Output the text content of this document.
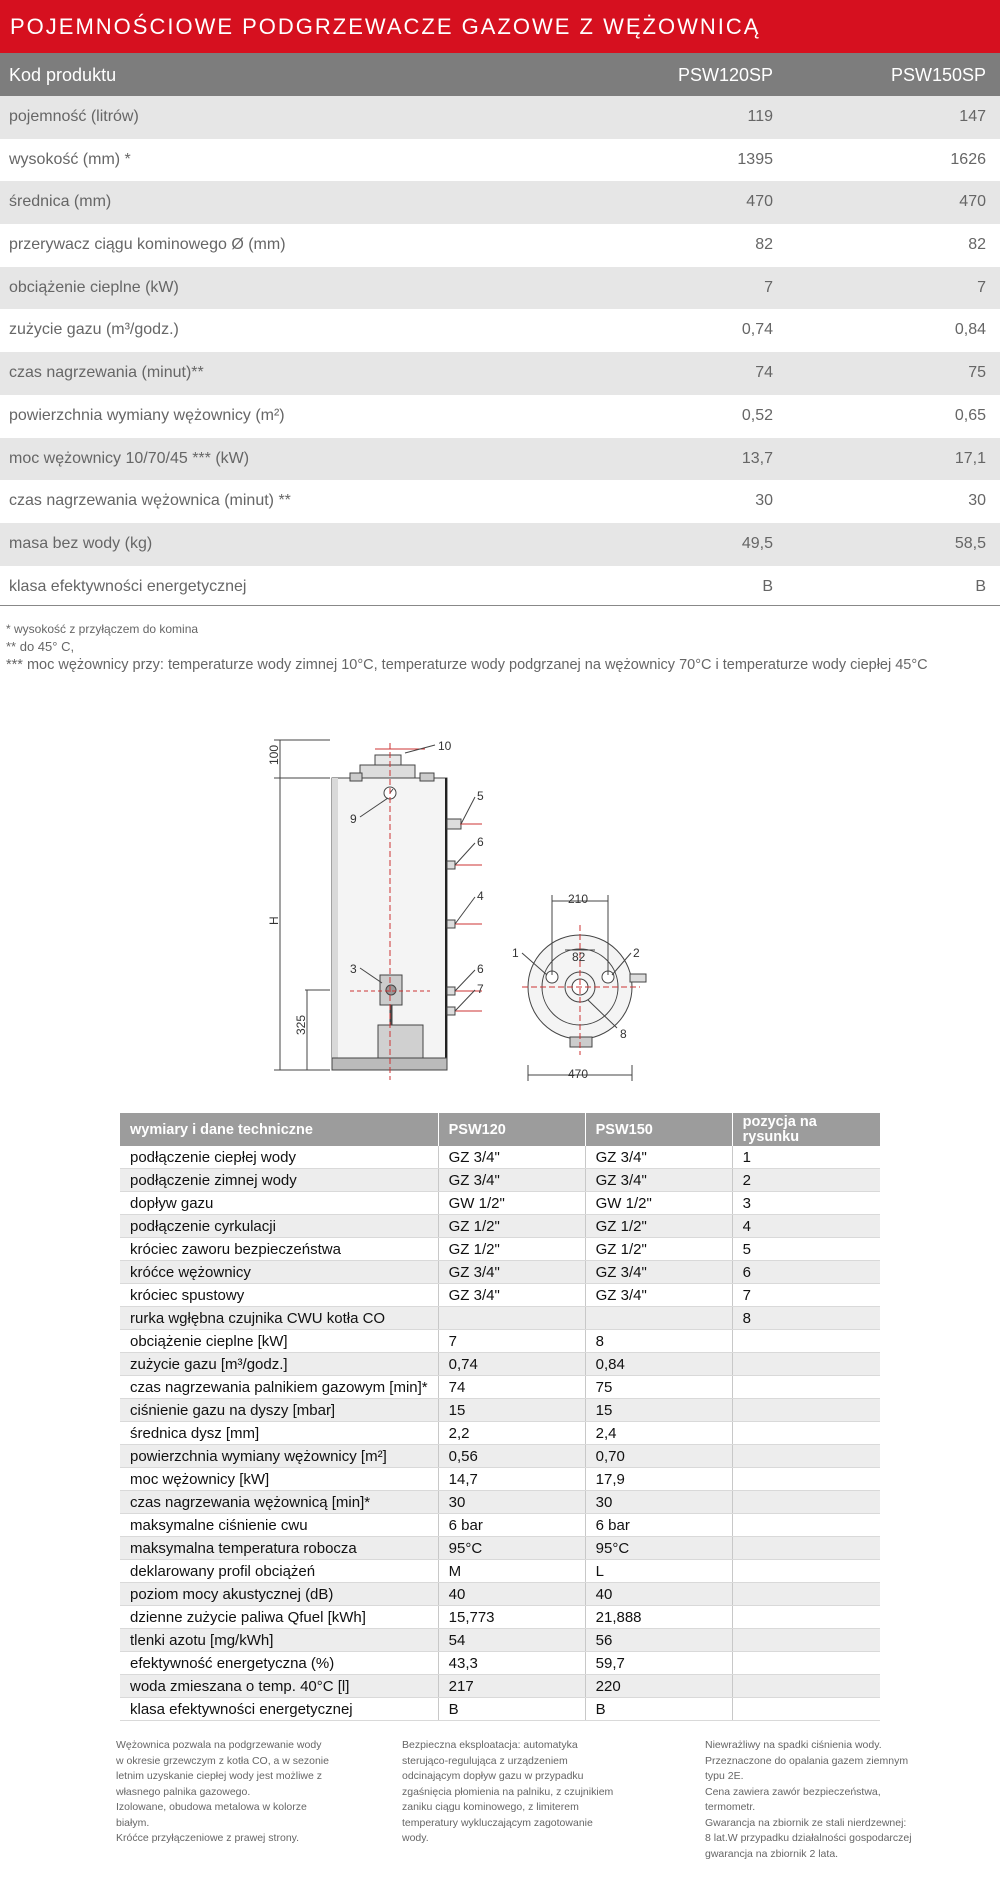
POJEMNOŚCIOWE PODGRZEWACZE GAZOWE Z WĘŻOWNICĄ
Kod produktu	PSW120SP	PSW150SP
pojemność (litrów)	119	147
wysokość (mm) *	1395	1626
średnica (mm)	470	470
przerywacz ciągu kominowego Ø (mm)	82	82
obciążenie cieplne (kW)	7	7
zużycie gazu (m³/godz.)	0,74	0,84
czas nagrzewania (minut)**	74	75
powierzchnia wymiany wężownicy (m²)	0,52	0,65
moc wężownicy 10/70/45 *** (kW)	13,7	17,1
czas nagrzewania wężownica (minut) **	30	30
masa bez wody (kg)	49,5	58,5
klasa efektywności energetycznej	B	B
* wysokość z przyłączem do komina
** do 45° C,
*** moc wężownicy przy: temperaturze wody zimnej 10°C, temperaturze wody podgrzanej na wężownicy 70°C i temperaturze wody ciepłej 45°C
10
5
6
4
6
7
9
3
100
H
325
210
82
1	2
8
470
wymiary i dane techniczne	PSW120	PSW150	pozycja na rysunku
podłączenie ciepłej wody	GZ 3/4"	GZ 3/4"	1
podłączenie zimnej wody	GZ 3/4"	GZ 3/4"	2
dopływ gazu	GW 1/2"	GW 1/2"	3
podłączenie cyrkulacji	GZ 1/2"	GZ 1/2"	4
króciec zaworu bezpieczeństwa	GZ 1/2"	GZ 1/2"	5
króćce wężownicy	GZ 3/4"	GZ 3/4"	6
króciec spustowy	GZ 3/4"	GZ 3/4"	7
rurka wgłębna czujnika CWU kotła CO			8
obciążenie cieplne [kW]	7	8	
zużycie gazu [m³/godz.]	0,74	0,84	
czas nagrzewania palnikiem gazowym [min]*	74	75	
ciśnienie gazu na dyszy [mbar]	15	15	
średnica dysz [mm]	2,2	2,4	
powierzchnia wymiany wężownicy [m²]	0,56	0,70	
moc wężownicy [kW]	14,7	17,9	
czas nagrzewania wężownicą [min]*	30	30	
maksymalne ciśnienie cwu	6 bar	6 bar	
maksymalna temperatura robocza	95°C	95°C	
deklarowany profil obciążeń	M	L	
poziom mocy akustycznej (dB)	40	40	
dzienne zużycie paliwa Qfuel [kWh]	15,773	21,888	
tlenki azotu [mg/kWh]	54	56	
efektywność energetyczna (%)	43,3	59,7	
woda zmieszana o temp. 40°C [l]	217	220	
klasa efektywności energetycznej	B	B	
Wężownica pozwala na podgrzewanie wody
w okresie grzewczym z kotła CO, a w sezonie
letnim uzyskanie ciepłej wody jest możliwe z
własnego palnika gazowego.
Izolowane, obudowa metalowa w kolorze
białym.
Króćce przyłączeniowe z prawej strony.
Bezpieczna eksploatacja: automatyka
sterująco-regulująca z urządzeniem
odcinającym dopływ gazu w przypadku
zgaśnięcia płomienia na palniku, z czujnikiem
zaniku ciągu kominowego, z limiterem
temperatury wykluczającym zagotowanie
wody.
Niewrażliwy na spadki ciśnienia wody.
Przeznaczone do opalania gazem ziemnym
typu 2E.
Cena zawiera zawór bezpieczeństwa,
termometr.
Gwarancja na zbiornik ze stali nierdzewnej:
8 lat.W przypadku działalności gospodarczej
gwarancja na zbiornik 2 lata.
